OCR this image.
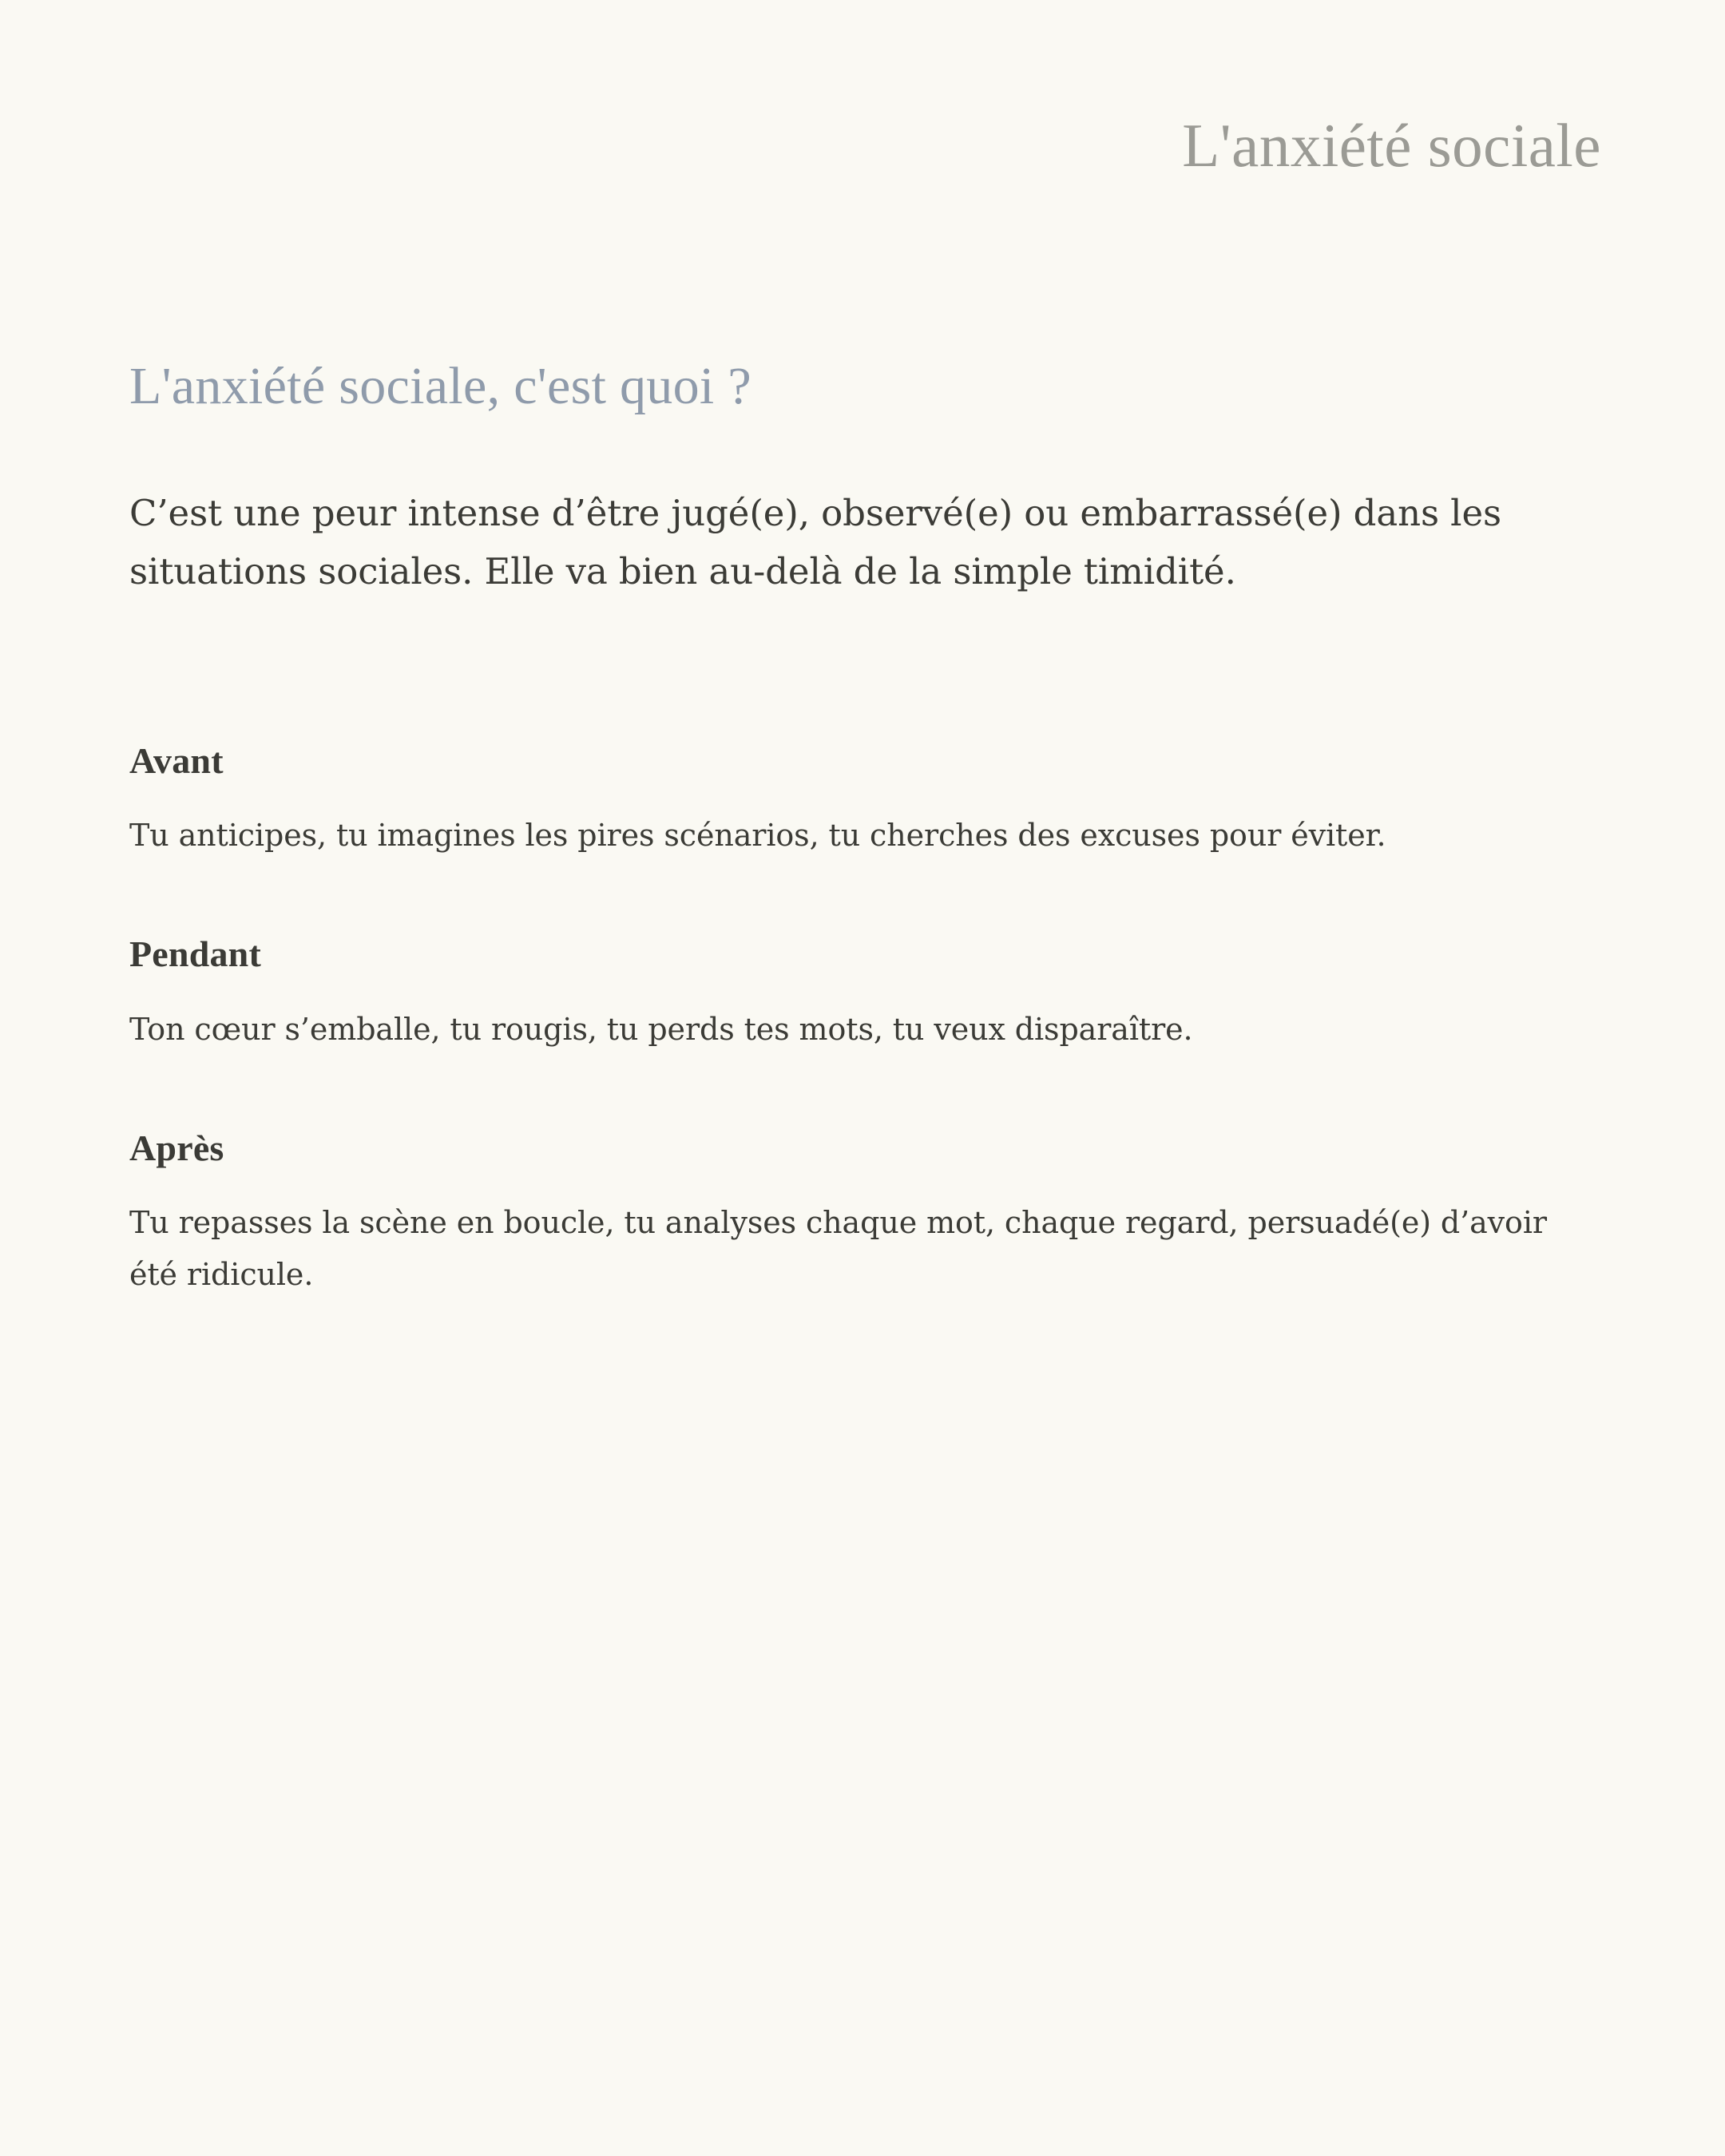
L'anxiété sociale
L'anxiété sociale, c'est quoi ?

C’est une peur intense d’être jugé(e), observé(e) ou embarrassé(e) dans les situations sociales. Elle va bien au-delà de la simple timidité.

Avant

Tu anticipes, tu imagines les pires scénarios, tu cherches des excuses pour éviter.

Pendant

Ton cœur s’emballe, tu rougis, tu perds tes mots, tu veux disparaître.

Après

Tu repasses la scène en boucle, tu analyses chaque mot, chaque regard, persuadé(e) d’avoir été ridicule.
